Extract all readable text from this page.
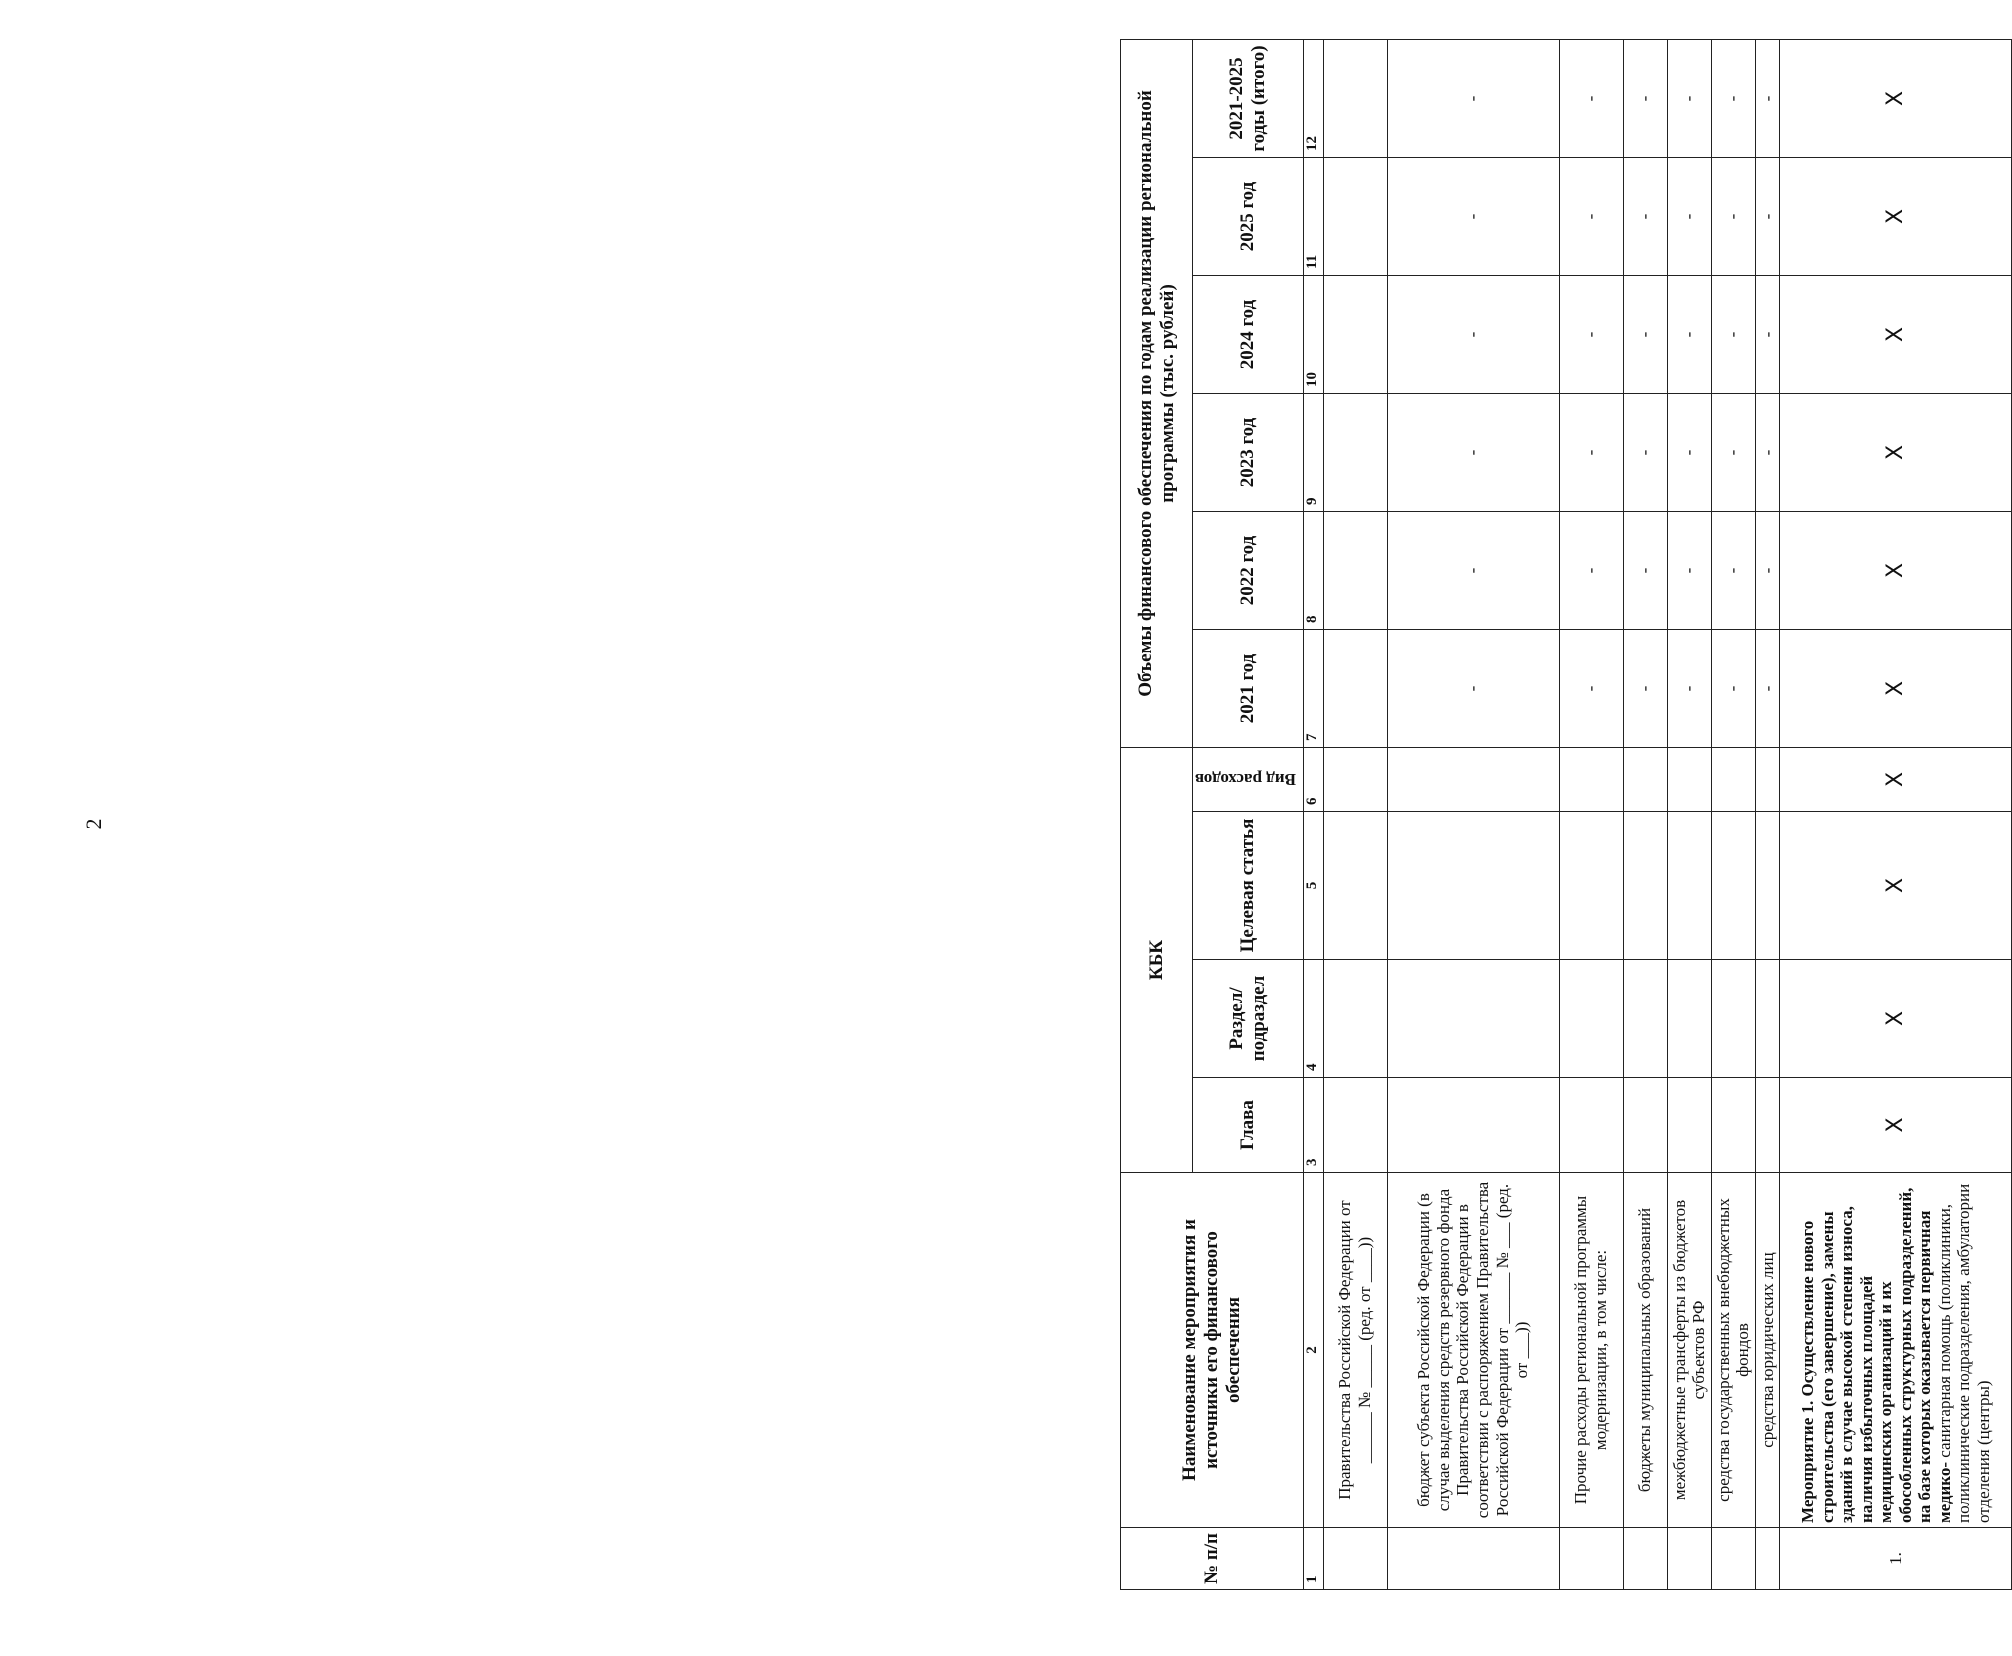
2
№ п/п	Наименование мероприятия и источники его финансового обеспечения	КБК				Объемы финансового обеспечения по годам реализации региональной программы (тыс. рублей)					
		Глава	Раздел/ подраздел	Целевая статья	Вид расходов	2021 год	2022 год	2023 год	2024 год	2025 год	2021-2025 годы (итого)
1	2	3	4	5	6	7	8	9	10	11	12
	Правительства Российской Федерации от ______ № _____ (ред. от ____))										
	бюджет субъекта Российской Федерации (в случае выделения средств резервного фонда Правительства Российской Федерации в соответствии с распоряжением Правительства Российской Федерации от ______ № ___ (ред. от ___))					-	-	-	-	-	-
	Прочие расходы региональной программы модернизации, в том числе:					-	-	-	-	-	-
	бюджеты муниципальных образований					-	-	-	-	-	-
	межбюджетные трансферты из бюджетов субъектов РФ					-	-	-	-	-	-
	средства государственных внебюджетных фондов					-	-	-	-	-	-
	средства юридических лиц					-	-	-	-	-	-
1.	Мероприятие 1. Осуществление нового строительства (его завершение), замены зданий в случае высокой степени износа, наличия избыточных площадей медицинских организаций и их обособленных структурных подразделений, на базе которых оказывается первичная медико- санитарная помощь (поликлиники, поликлинические подразделения, амбулатории отделения (центры)	Х	Х	Х	Х	Х	Х	Х	Х	Х	Х
